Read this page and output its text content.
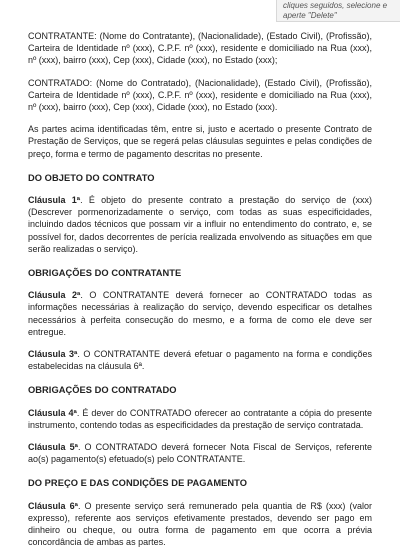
cliques seguidos, selecione e
aperte "Delete"

CONTRATANTE: (Nome do Contratante), (Nacionalidade), (Estado Civil), (Profissão), Carteira de Identidade nº (xxx), C.P.F. nº (xxx), residente e domiciliado na Rua (xxx), nº (xxx), bairro (xxx), Cep (xxx), Cidade (xxx), no Estado (xxx);

CONTRATADO: (Nome do Contratado), (Nacionalidade), (Estado Civil), (Profissão), Carteira de Identidade nº (xxx), C.P.F. nº (xxx), residente e domiciliado na Rua (xxx), nº (xxx), bairro (xxx), Cep (xxx), Cidade (xxx), no Estado (xxx).

As partes acima identificadas têm, entre si, justo e acertado o presente Contrato de Prestação de Serviços, que se regerá pelas cláusulas seguintes e pelas condições de preço, forma e termo de pagamento descritas no presente.

DO OBJETO DO CONTRATO

Cláusula 1ª. É objeto do presente contrato a prestação do serviço de (xxx) (Descrever pormenorizadamente o serviço, com todas as suas especificidades, incluindo dados técnicos que possam vir a influir no entendimento do contrato, e, se possível for, dados decorrentes de perícia realizada envolvendo as situações em que serão realizadas o serviço).

OBRIGAÇÕES DO CONTRATANTE

Cláusula 2ª. O CONTRATANTE deverá fornecer ao CONTRATADO todas as informações necessárias à realização do serviço, devendo especificar os detalhes necessários à perfeita consecução do mesmo, e a forma de como ele deve ser entregue.

Cláusula 3ª. O CONTRATANTE deverá efetuar o pagamento na forma e condições estabelecidas na cláusula 6ª.

OBRIGAÇÕES DO CONTRATADO

Cláusula 4ª. É dever do CONTRATADO oferecer ao contratante a cópia do presente instrumento, contendo todas as especificidades da prestação de serviço contratada.

Cláusula 5ª. O CONTRATADO deverá fornecer Nota Fiscal de Serviços, referente ao(s) pagamento(s) efetuado(s) pelo CONTRATANTE.

DO PREÇO E DAS CONDIÇÕES DE PAGAMENTO

Cláusula 6ª. O presente serviço será remunerado pela quantia de R$ (xxx) (valor expresso), referente aos serviços efetivamente prestados, devendo ser pago em dinheiro ou cheque, ou outra forma de pagamento em que ocorra a prévia concordância de ambas as partes.
